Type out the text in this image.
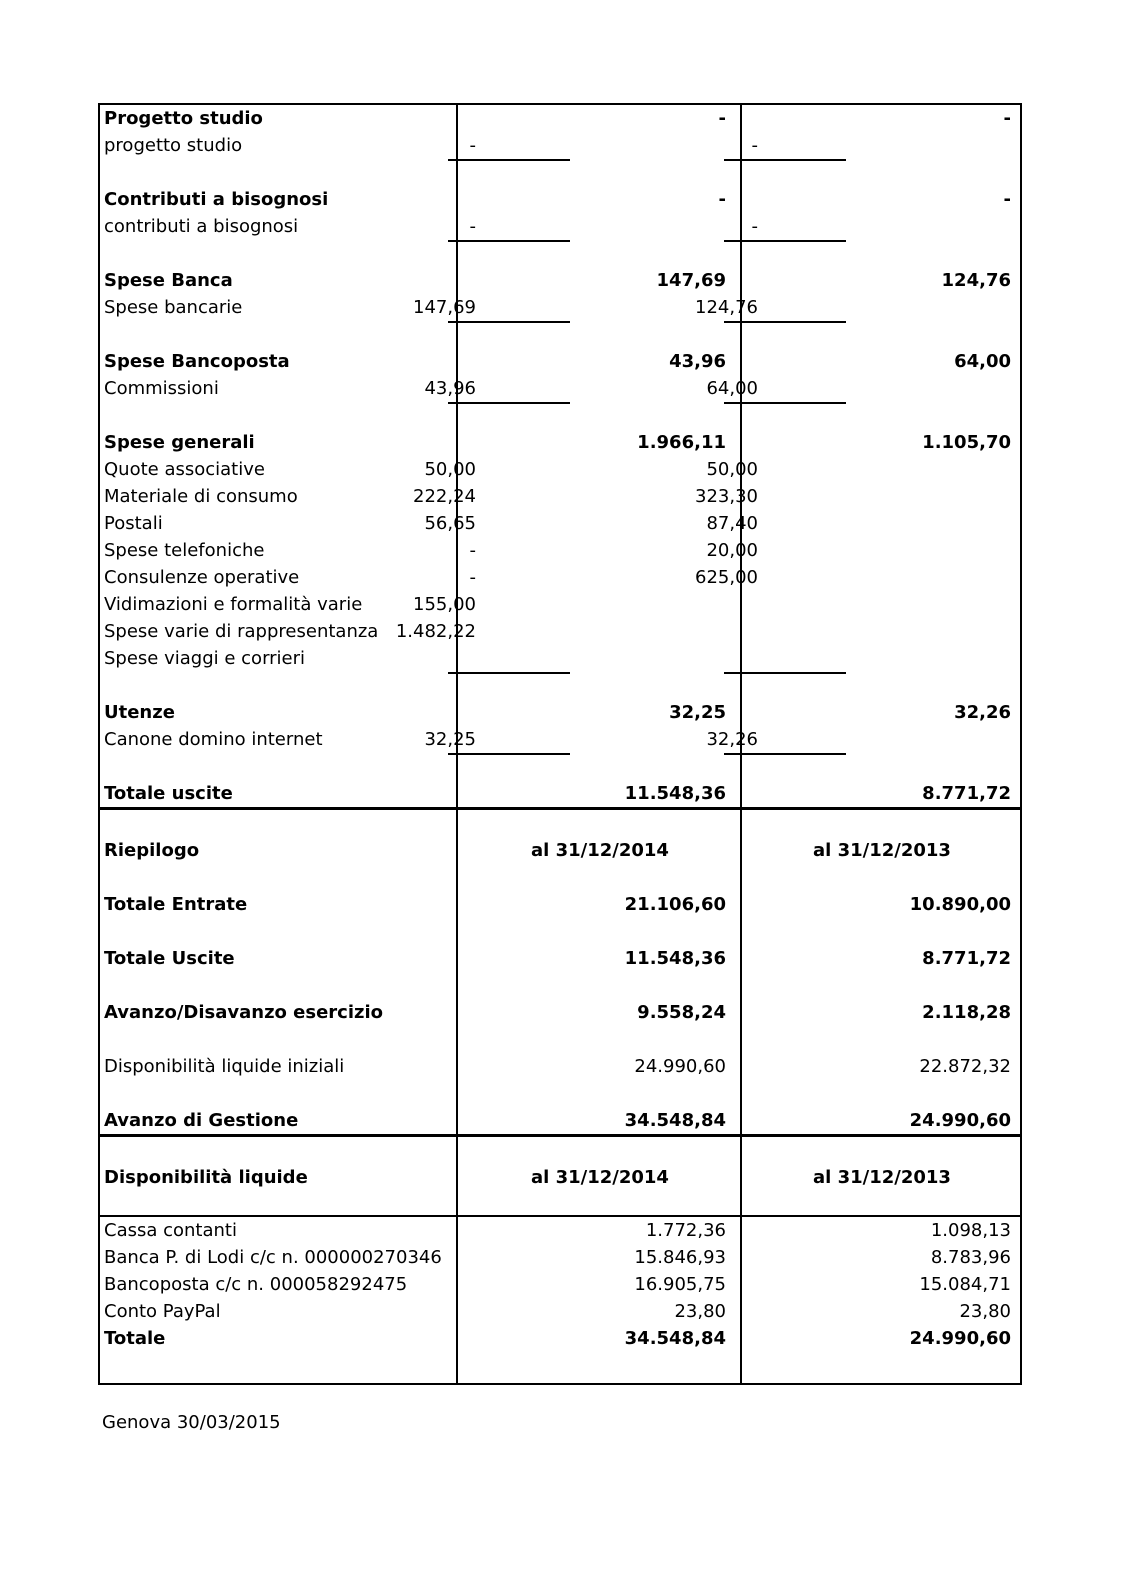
Progetto studio	-	-
progetto studio	-	-
Contributi a bisognosi	-	-
contributi a bisognosi	-	-
Spese Banca	147,69	124,76
Spese bancarie	147,69	124,76
Spese Bancoposta	43,96	64,00
Commissioni	43,96	64,00
Spese generali	1.966,11	1.105,70
Quote associative	50,00	50,00
Materiale di consumo	222,24	323,30
Postali	56,65	87,40
Spese telefoniche	-	20,00
Consulenze operative	-	625,00
Vidimazioni e formalità varie	155,00
Spese varie di rappresentanza 1.482,22
Spese viaggi e corrieri
Utenze	32,25	32,26
Canone domino internet	32,25	32,26
Totale uscite	11.548,36	8.771,72
Riepilogo	al 31/12/2014	al 31/12/2013
Totale Entrate	21.106,60	10.890,00
Totale Uscite	11.548,36	8.771,72
Avanzo/Disavanzo esercizio	9.558,24	2.118,28
Disponibilità liquide iniziali	24.990,60	22.872,32
Avanzo di Gestione	34.548,84	24.990,60
Disponibilità liquide	al 31/12/2014	al 31/12/2013
Cassa contanti	1.772,36	1.098,13
Banca P. di Lodi c/c n. 000000270346	15.846,93	8.783,96
Bancoposta c/c n. 000058292475	16.905,75	15.084,71
Conto PayPal	23,80	23,80
Totale	34.548,84	24.990,60
Genova 30/03/2015
